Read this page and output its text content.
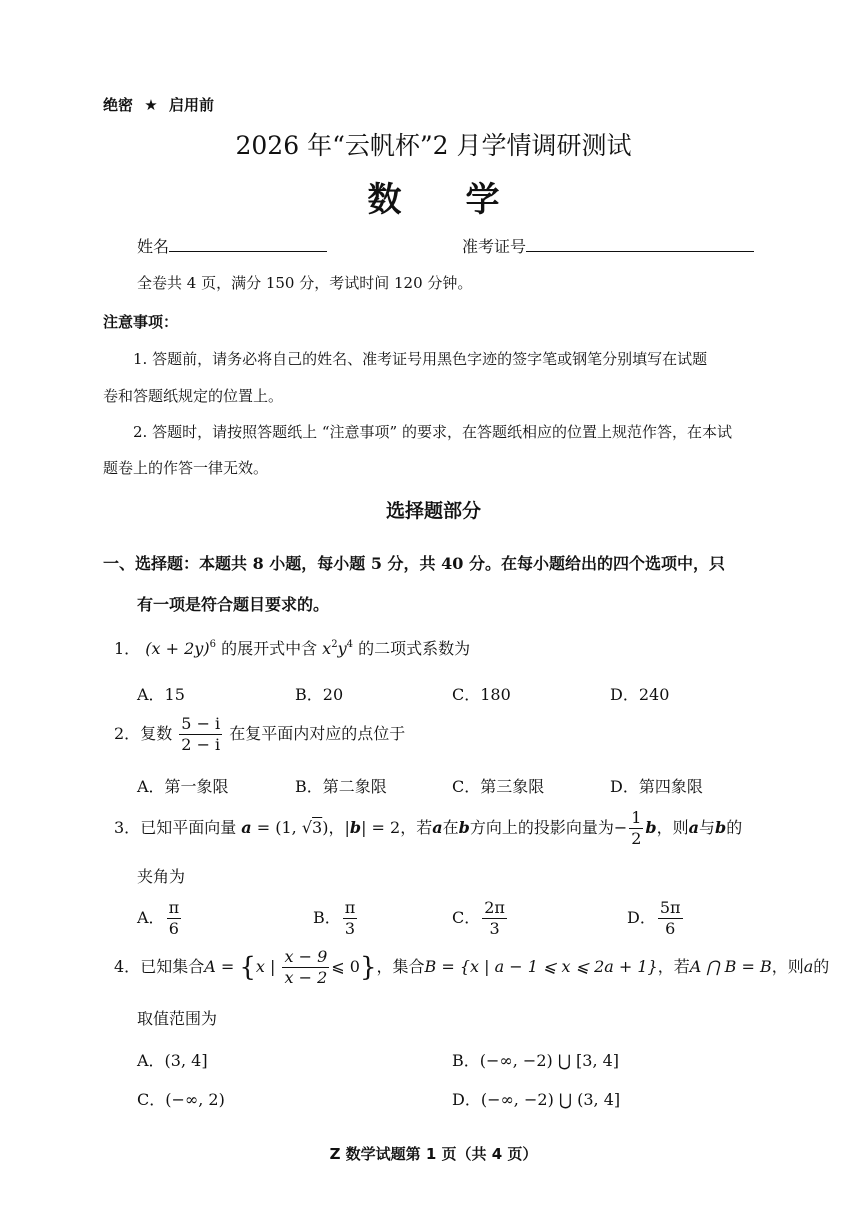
绝密 ★ 启用前
2026 年“云帆杯”2 月学情调研测试
数 学
姓名	准考证号
全卷共 4 页，满分 150 分，考试时间 120 分钟。
注意事项：
1. 答题前，请务必将自己的姓名、准考证号用黑色字迹的签字笔或钢笔分别填写在试题
卷和答题纸规定的位置上。
2. 答题时，请按照答题纸上 “注意事项” 的要求，在答题纸相应的位置上规范作答，在本试
题卷上的作答一律无效。
选择题部分
一、选择题：本题共 8 小题，每小题 5 分，共 40 分。在每小题给出的四个选项中，只
有一项是符合题目要求的。
1． $(x + 2y)^6$ 的展开式中含 $x^2y^4$ 的二项式系数为
A．15	B．20	C．180	D．240
2．复数 $\frac{5 - i}{2 - i}$ 在复平面内对应的点位于
A．第一象限	B．第二象限	C．第三象限	D．第四象限
3．已知平面向量 a = (1, √3)，|b| = 2，若a在b方向上的投影向量为− $\frac{1}{2}$ b，则a与b的
夹角为
A． $\frac{\pi}{6}$	B． $\frac{\pi}{3}$	C． $\frac{2\pi}{3}$	D． $\frac{5\pi}{6}$
4．已知集合A = {x | $\frac{x - 9}{x - 2}$ ⩽ 0}，集合B = {x | a − 1 ⩽ x ⩽ 2a + 1}，若A ⋂ B = B，则a的
取值范围为
A．(3, 4]	B．(−∞, −2) ⋃ [3, 4]
C．(−∞, 2)	D．(−∞, −2) ⋃ (3, 4]
Z 数学试题第 1 页（共 4 页）
